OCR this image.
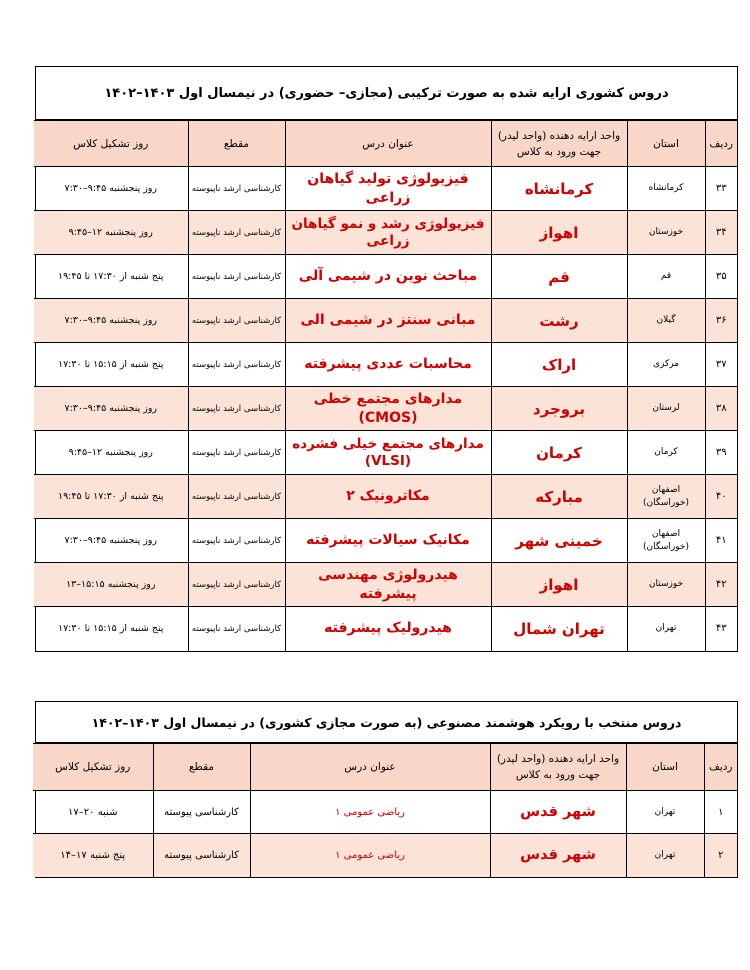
دروس کشوری ارایه شده به صورت ترکیبی (مجازی– حضوری) در نیمسال اول ۱۴۰۳–۱۴۰۲
ردیف	استان	واحد ارایه دهنده (واحد لیدر) جهت ورود به کلاس	عنوان درس	مقطع	روز تشکیل کلاس
۳۳	کرمانشاه	کرمانشاه	فیزیولوژی تولید گیاهان زراعی	کارشناسی ارشد ناپیوسته	روز پنجشنبه ۹:۴۵–۷:۳۰
۳۴	خوزستان	اهواز	فیزیولوژی رشد و نمو گیاهان زراعی	کارشناسی ارشد ناپیوسته	روز پنجشنبه ۱۲–۹:۴۵
۳۵	قم	قم	مباحث نوین در شیمی آلی	کارشناسی ارشد ناپیوسته	پنج شنبه از ۱۷:۳۰ تا ۱۹:۴۵
۳۶	گیلان	رشت	مبانی سنتز در شیمی الی	کارشناسی ارشد ناپیوسته	روز پنجشنبه ۹:۴۵–۷:۳۰
۳۷	مرکزی	اراک	محاسبات عددی پیشرفته	کارشناسی ارشد ناپیوسته	پنج شنبه از ۱۵:۱۵ تا ۱۷:۳۰
۳۸	لرستان	بروجرد	مدارهای مجتمع خطی (CMOS)	کارشناسی ارشد ناپیوسته	روز پنجشنبه ۹:۴۵–۷:۳۰
۳۹	کرمان	کرمان	مدارهای مجتمع خیلی فشرده (VLSI)	کارشناسی ارشد ناپیوسته	روز پنجشنبه ۱۲–۹:۴۵
۴۰	اصفهان (خوراسگان)	مبارکه	مکاترونیک ۲	کارشناسی ارشد ناپیوسته	پنج شنبه از ۱۷:۳۰ تا ۱۹:۴۵
۴۱	اصفهان (خوراسگان)	خمینی شهر	مکانیک سیالات پیشرفته	کارشناسی ارشد ناپیوسته	روز پنجشنبه ۹:۴۵–۷:۳۰
۴۲	خوزستان	اهواز	هیدرولوژی مهندسی پیشرفته	کارشناسی ارشد ناپیوسته	روز پنجشنبه ۱۵:۱۵–۱۳
۴۳	تهران	تهران شمال	هیدرولیک پیشرفته	کارشناسی ارشد ناپیوسته	پنج شنبه از ۱۵:۱۵ تا ۱۷:۳۰
دروس منتخب با رویکرد هوشمند مصنوعی (به صورت مجازی کشوری) در نیمسال اول ۱۴۰۳–۱۴۰۲
ردیف	استان	واحد ارایه دهنده (واحد لیدر) جهت ورود به کلاس	عنوان درس	مقطع	روز تشکیل کلاس
۱	تهران	شهر قدس	ریاضی عمومی ۱	کارشناسی پیوسته	شنبه ۲۰–۱۷
۲	تهران	شهر قدس	ریاضی عمومی ۱	کارشناسی پیوسته	پنج شنبه ۱۷–۱۴
